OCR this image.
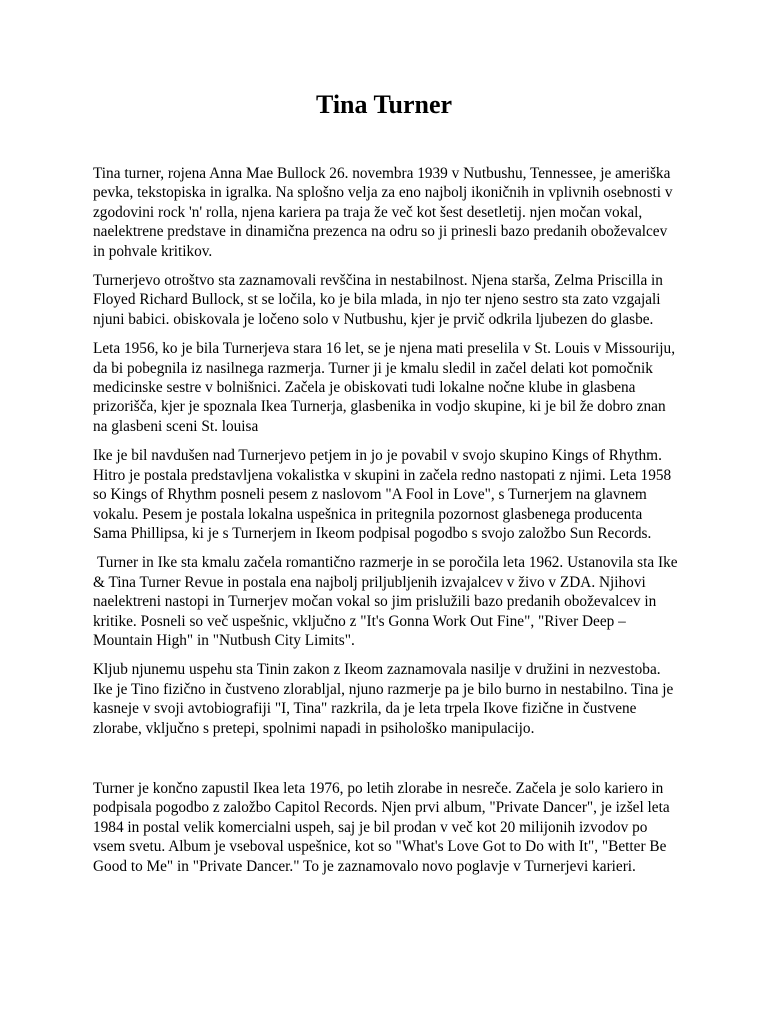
Tina Turner

Tina turner, rojena Anna Mae Bullock 26. novembra 1939 v Nutbushu, Tennessee, je ameriška pevka, tekstopiska in igralka. Na splošno velja za eno najbolj ikoničnih in vplivnih osebnosti v zgodovini rock 'n' rolla, njena kariera pa traja že več kot šest desetletij. njen močan vokal, naelektrene predstave in dinamična prezenca na odru so ji prinesli bazo predanih oboževalcev in pohvale kritikov.

Turnerjevo otroštvo sta zaznamovali revščina in nestabilnost. Njena starša, Zelma Priscilla in Floyed Richard Bullock, st se ločila, ko je bila mlada, in njo ter njeno sestro sta zato vzgajali njuni babici. obiskovala je ločeno solo v Nutbushu, kjer je prvič odkrila ljubezen do glasbe.

Leta 1956, ko je bila Turnerjeva stara 16 let, se je njena mati preselila v St. Louis v Missouriju, da bi pobegnila iz nasilnega razmerja. Turner ji je kmalu sledil in začel delati kot pomočnik medicinske sestre v bolnišnici. Začela je obiskovati tudi lokalne nočne klube in glasbena prizorišča, kjer je spoznala Ikea Turnerja, glasbenika in vodjo skupine, ki je bil že dobro znan na glasbeni sceni St. louisa

Ike je bil navdušen nad Turnerjevo petjem in jo je povabil v svojo skupino Kings of Rhythm. Hitro je postala predstavljena vokalistka v skupini in začela redno nastopati z njimi. Leta 1958 so Kings of Rhythm posneli pesem z naslovom "A Fool in Love", s Turnerjem na glavnem vokalu. Pesem je postala lokalna uspešnica in pritegnila pozornost glasbenega producenta Sama Phillipsa, ki je s Turnerjem in Ikeom podpisal pogodbo s svojo založbo Sun Records.

Turner in Ike sta kmalu začela romantično razmerje in se poročila leta 1962. Ustanovila sta Ike & Tina Turner Revue in postala ena najbolj priljubljenih izvajalcev v živo v ZDA. Njihovi naelektreni nastopi in Turnerjev močan vokal so jim prislužili bazo predanih oboževalcev in kritike. Posneli so več uspešnic, vključno z "It's Gonna Work Out Fine", "River Deep – Mountain High" in "Nutbush City Limits".

Kljub njunemu uspehu sta Tinin zakon z Ikeom zaznamovala nasilje v družini in nezvestoba. Ike je Tino fizično in čustveno zlorabljal, njuno razmerje pa je bilo burno in nestabilno. Tina je kasneje v svoji avtobiografiji "I, Tina" razkrila, da je leta trpela Ikove fizične in čustvene zlorabe, vključno s pretepi, spolnimi napadi in psihološko manipulacijo.

Turner je končno zapustil Ikea leta 1976, po letih zlorabe in nesreče. Začela je solo kariero in podpisala pogodbo z založbo Capitol Records. Njen prvi album, "Private Dancer", je izšel leta 1984 in postal velik komercialni uspeh, saj je bil prodan v več kot 20 milijonih izvodov po vsem svetu. Album je vseboval uspešnice, kot so "What's Love Got to Do with It", "Better Be Good to Me" in "Private Dancer." To je zaznamovalo novo poglavje v Turnerjevi karieri.
